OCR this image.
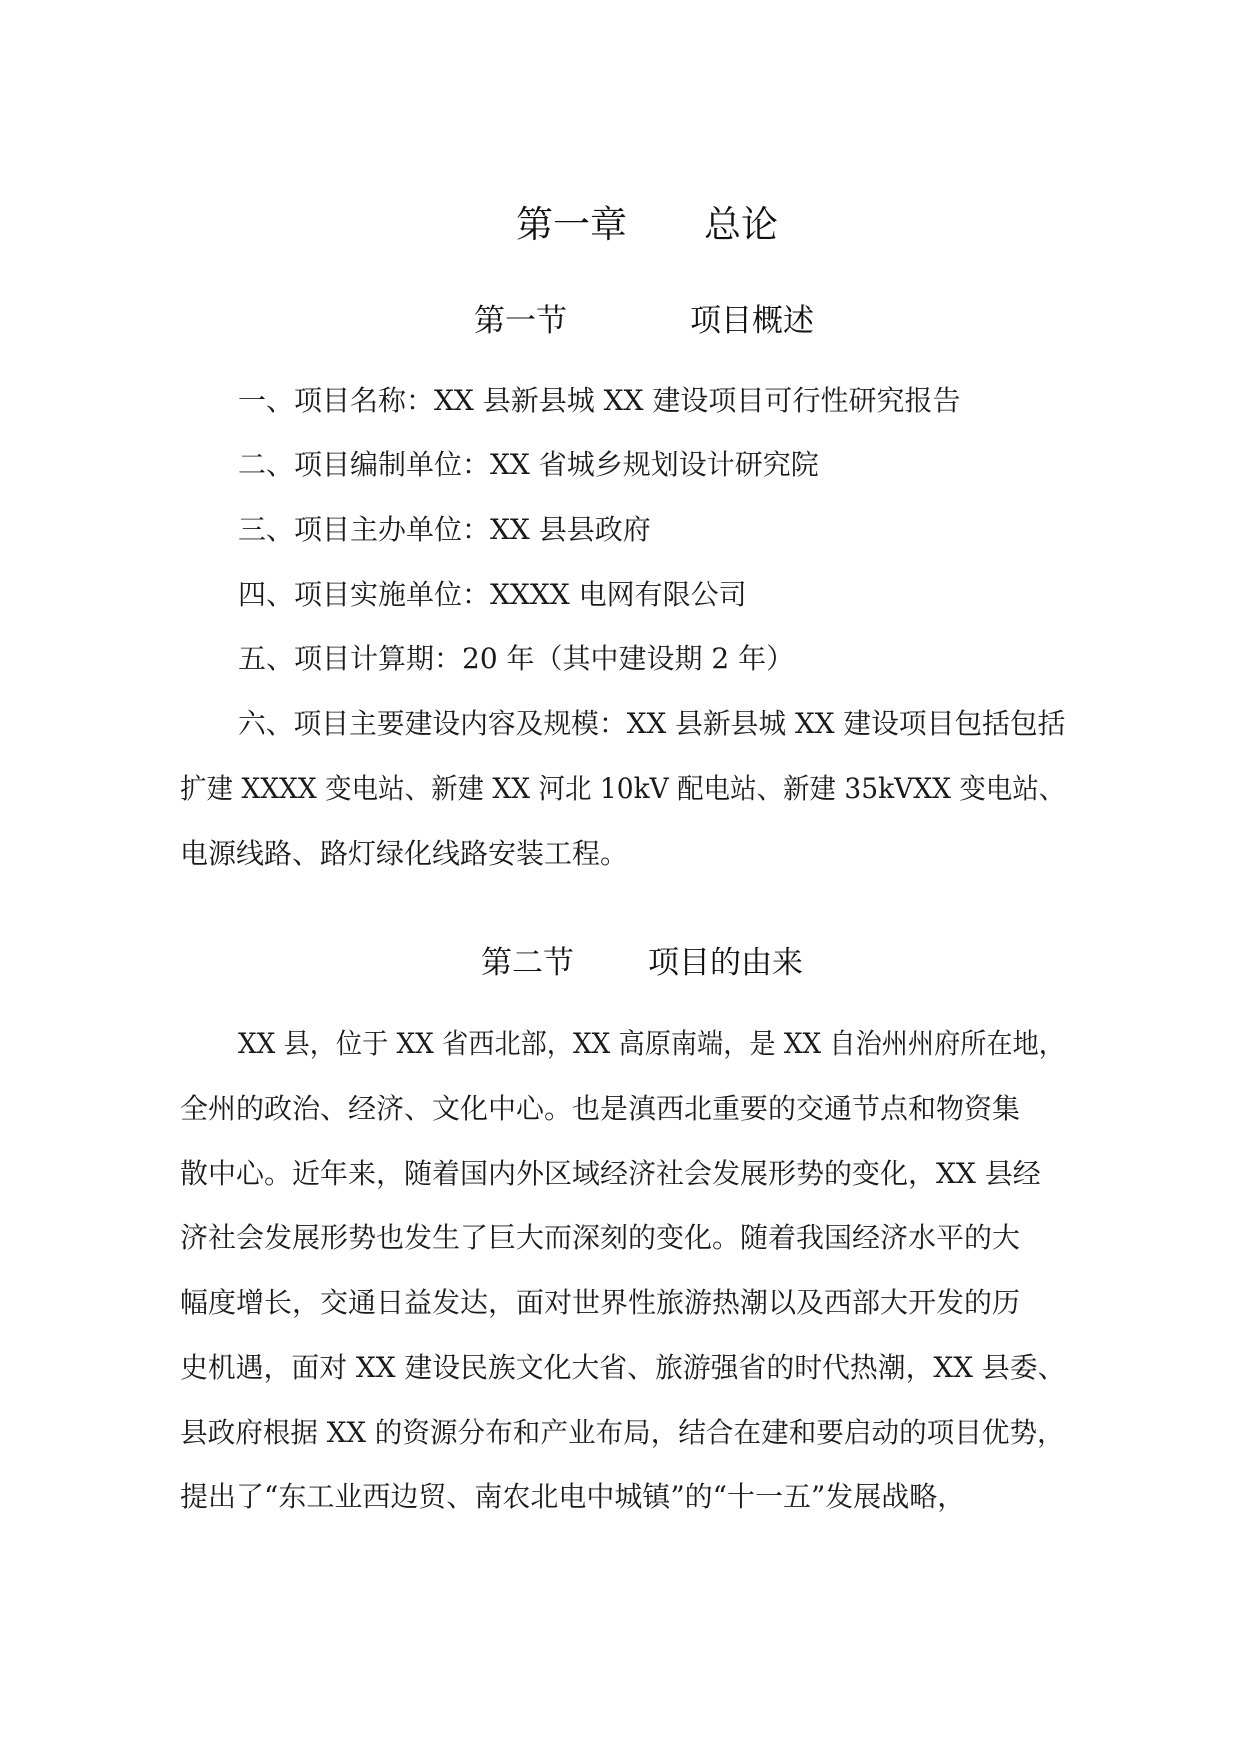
第一章 总论
第一节	项目概述
一、项目名称：XX 县新县城 XX 建设项目可行性研究报告
二、项目编制单位：XX 省城乡规划设计研究院
三、项目主办单位：XX 县县政府
四、项目实施单位：XXXX 电网有限公司
五、项目计算期：20 年（其中建设期 2 年）
六、项目主要建设内容及规模：XX 县新县城 XX 建设项目包括包括
扩建 XXXX 变电站、新建 XX 河北 10kV 配电站、新建 35kVXX 变电站、
电源线路、路灯绿化线路安装工程。
第二节 项目的由来
XX 县，位于 XX 省西北部，XX 高原南端，是 XX 自治州州府所在地，
全州的政治、经济、文化中心。也是滇西北重要的交通节点和物资集
散中心。近年来，随着国内外区域经济社会发展形势的变化，XX 县经
济社会发展形势也发生了巨大而深刻的变化。随着我国经济水平的大
幅度增长，交通日益发达，面对世界性旅游热潮以及西部大开发的历
史机遇，面对 XX 建设民族文化大省、旅游强省的时代热潮，XX 县委、
县政府根据 XX 的资源分布和产业布局，结合在建和要启动的项目优势，
提出了“东工业西边贸、南农北电中城镇”的“十一五”发展战略，
